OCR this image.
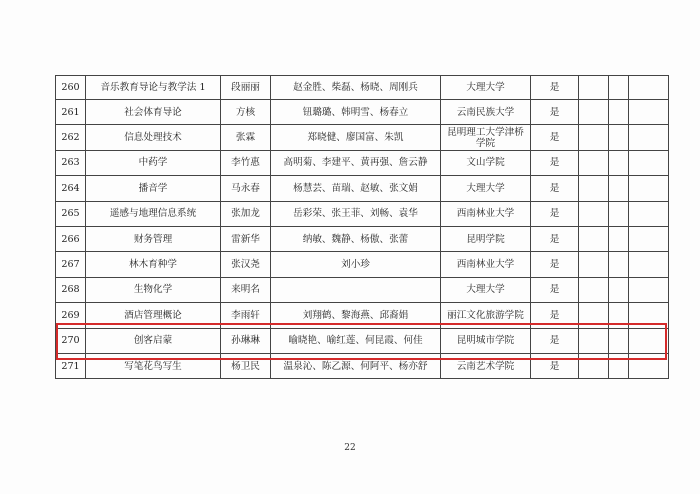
260	音乐教育导论与教学法 1	段丽丽	赵金胜、柴磊、杨晓、周刚兵	大理大学	是			
261	社会体育导论	方核	钮璐璐、韩明雪、杨春立	云南民族大学	是			
262	信息处理技术	张霖	郑晓健、廖国富、朱凯	昆明理工大学津桥学院	是			
263	中药学	李竹惠	高明菊、李建平、黄再强、詹云静	文山学院	是			
264	播音学	马永春	杨慧芸、苗瑞、赵敏、张文娟	大理大学	是			
265	遥感与地理信息系统	张加龙	岳彩荣、张王菲、刘畅、袁华	西南林业大学	是			
266	财务管理	雷新华	纳敏、魏静、杨傲、张蕾	昆明学院	是			
267	林木育种学	张汉尧	刘小珍	西南林业大学	是			
268	生物化学	来明名		大理大学	是			
269	酒店管理概论	李雨轩	刘翔鹤、黎海燕、邱裔娟	丽江文化旅游学院	是			
270	创客启蒙	孙琳琳	喻晓艳、喻红莲、何昆霞、何佳	昆明城市学院	是			
271	写笔花鸟写生	杨卫民	温泉沁、陈乙源、何阿平、杨亦舒	云南艺术学院	是			
22
